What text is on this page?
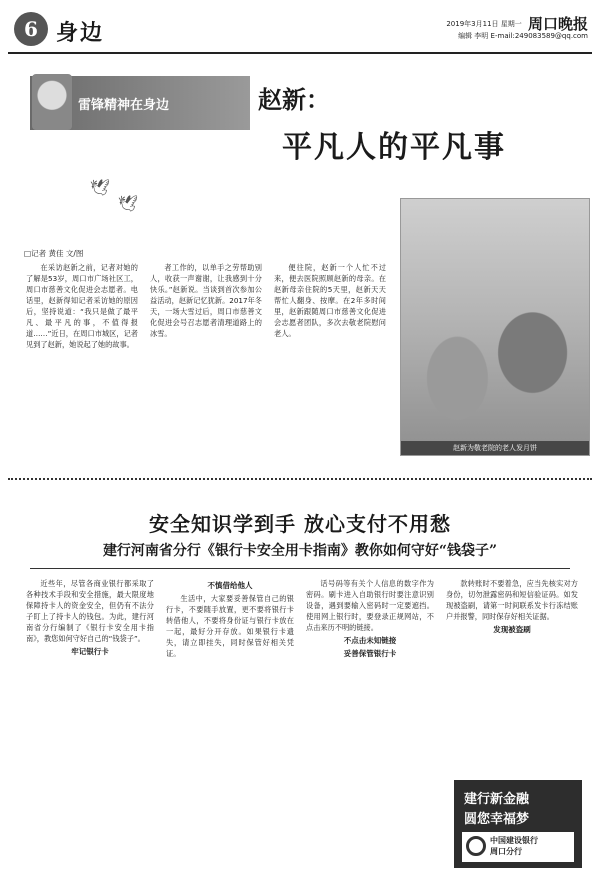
6 身边	2019年3月11日 星期一 周口晚报
编辑 李明 E-mail:249083589@qq.com
雷锋精神在身边
🕊
🕊
赵新：
平凡人的平凡事
□记者 黄佳 文/图

在采访赵新之前，记者对她的了解是53岁，周口市广场社区工，周口市慈善文化促进会志愿者。电话里，赵新得知记者采访她的原因后，坚持说道：“我只是做了最平凡、最平凡的事，不值得报道……”近日，在周口市城区，记者见到了赵新，她说起了她的故事。

者工作的，以单手之劳帮助别人，收获一声谢谢，让我感到十分快乐。”赵新说。当谈到首次参加公益活动，赵新记忆犹新。2017年冬天，一场大雪过后，周口市慈善文化促进会号召志愿者清理道路上的冰雪。

便往院，赵新一个人忙不过来，便去医院照顾赵新的母亲。在赵新母亲住院的5天里，赵新天天帮忙人翻身、按摩。在2年多时间里，赵新跟随周口市慈善文化促进会志愿者团队，多次去敬老院慰问老人。

赵新为敬老院的老人发月饼
安全知识学到手 放心支付不用愁
建行河南省分行《银行卡安全用卡指南》教你如何守好“钱袋子”

近些年，尽管各商业银行都采取了各种技术手段和安全措施，最大限度地保障持卡人的资金安全，但仍有不法分子盯上了持卡人的钱包。为此，建行河南省分行编制了《银行卡安全用卡指南》，教您如何守好自己的“钱袋子”。

牢记银行卡
不慎借给他人

生活中，大家要妥善保管自己的银行卡，不要随手放置，更不要将银行卡转借他人，不要将身份证与银行卡放在一起，最好分开存放。如果银行卡遗失，请立即挂失，同时保管好相关凭证。

话号码等有关个人信息的数字作为密码。刷卡进入自助银行时要注意识别设备，遇到要输入密码时一定要遮挡。使用网上银行时，要登录正规网站，不点击来历不明的链接。

不点击未知链接
妥善保管银行卡

款转账时不要着急，应当先核实对方身份，切勿泄露密码和短信验证码。如发现被盗刷，请第一时间联系发卡行冻结账户并报警，同时保存好相关证据。

发现被盗刷
建行新金融
圆您幸福梦
中国建设银行
周口分行
